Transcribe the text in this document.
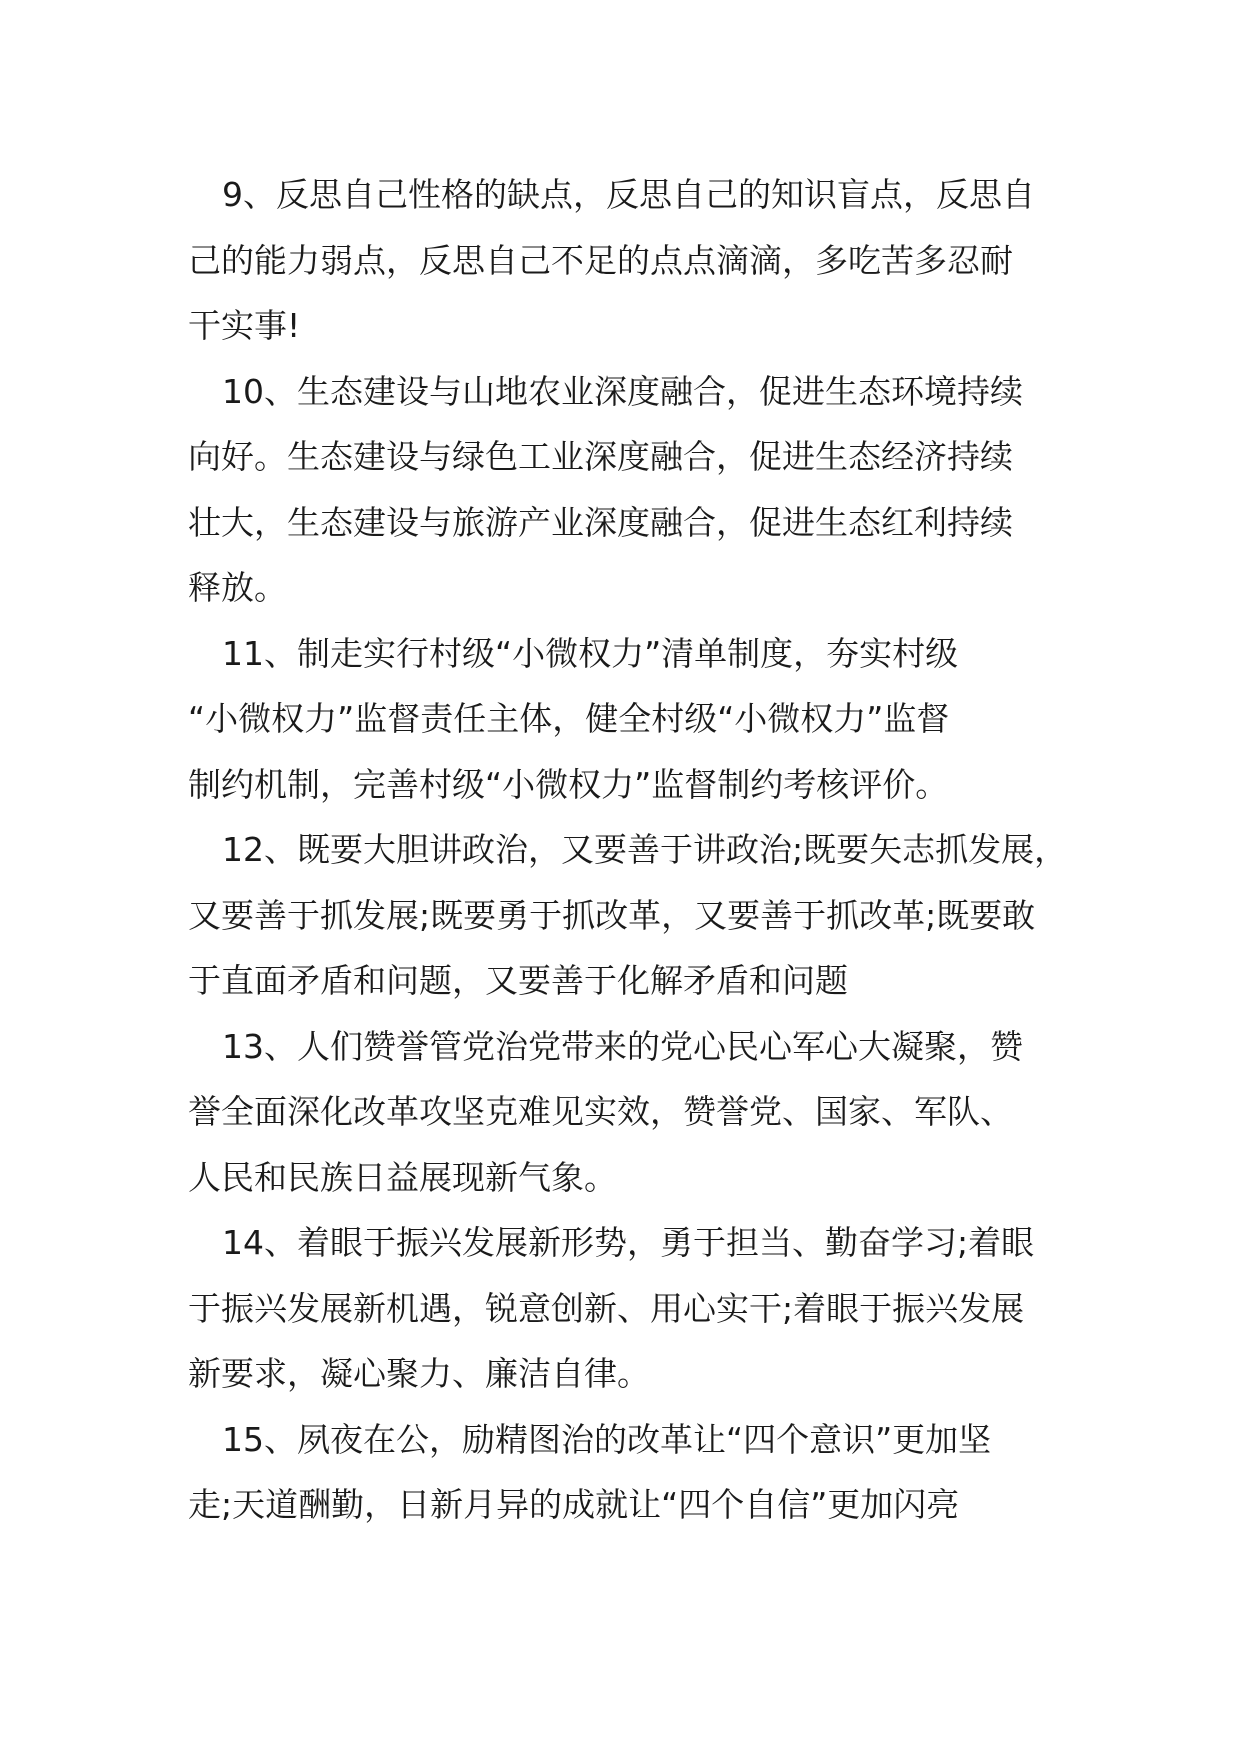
9、反思自己性格的缺点，反思自己的知识盲点，反思自
己的能力弱点，反思自己不足的点点滴滴，多吃苦多忍耐
干实事!

10、生态建设与山地农业深度融合，促进生态环境持续
向好。生态建设与绿色工业深度融合，促进生态经济持续
壮大，生态建设与旅游产业深度融合，促进生态红利持续
释放。

11、制走实行村级“小微权力”清单制度，夯实村级
“小微权力”监督责任主体，健全村级“小微权力”监督
制约机制，完善村级“小微权力”监督制约考核评价。

12、既要大胆讲政治，又要善于讲政治;既要矢志抓发展，
又要善于抓发展;既要勇于抓改革，又要善于抓改革;既要敢
于直面矛盾和问题，又要善于化解矛盾和问题

13、人们赞誉管党治党带来的党心民心军心大凝聚，赞
誉全面深化改革攻坚克难见实效，赞誉党、国家、军队、
人民和民族日益展现新气象。

14、着眼于振兴发展新形势，勇于担当、勤奋学习;着眼
于振兴发展新机遇，锐意创新、用心实干;着眼于振兴发展
新要求，凝心聚力、廉洁自律。

15、夙夜在公，励精图治的改革让“四个意识”更加坚
走;天道酬勤，日新月异的成就让“四个自信”更加闪亮
